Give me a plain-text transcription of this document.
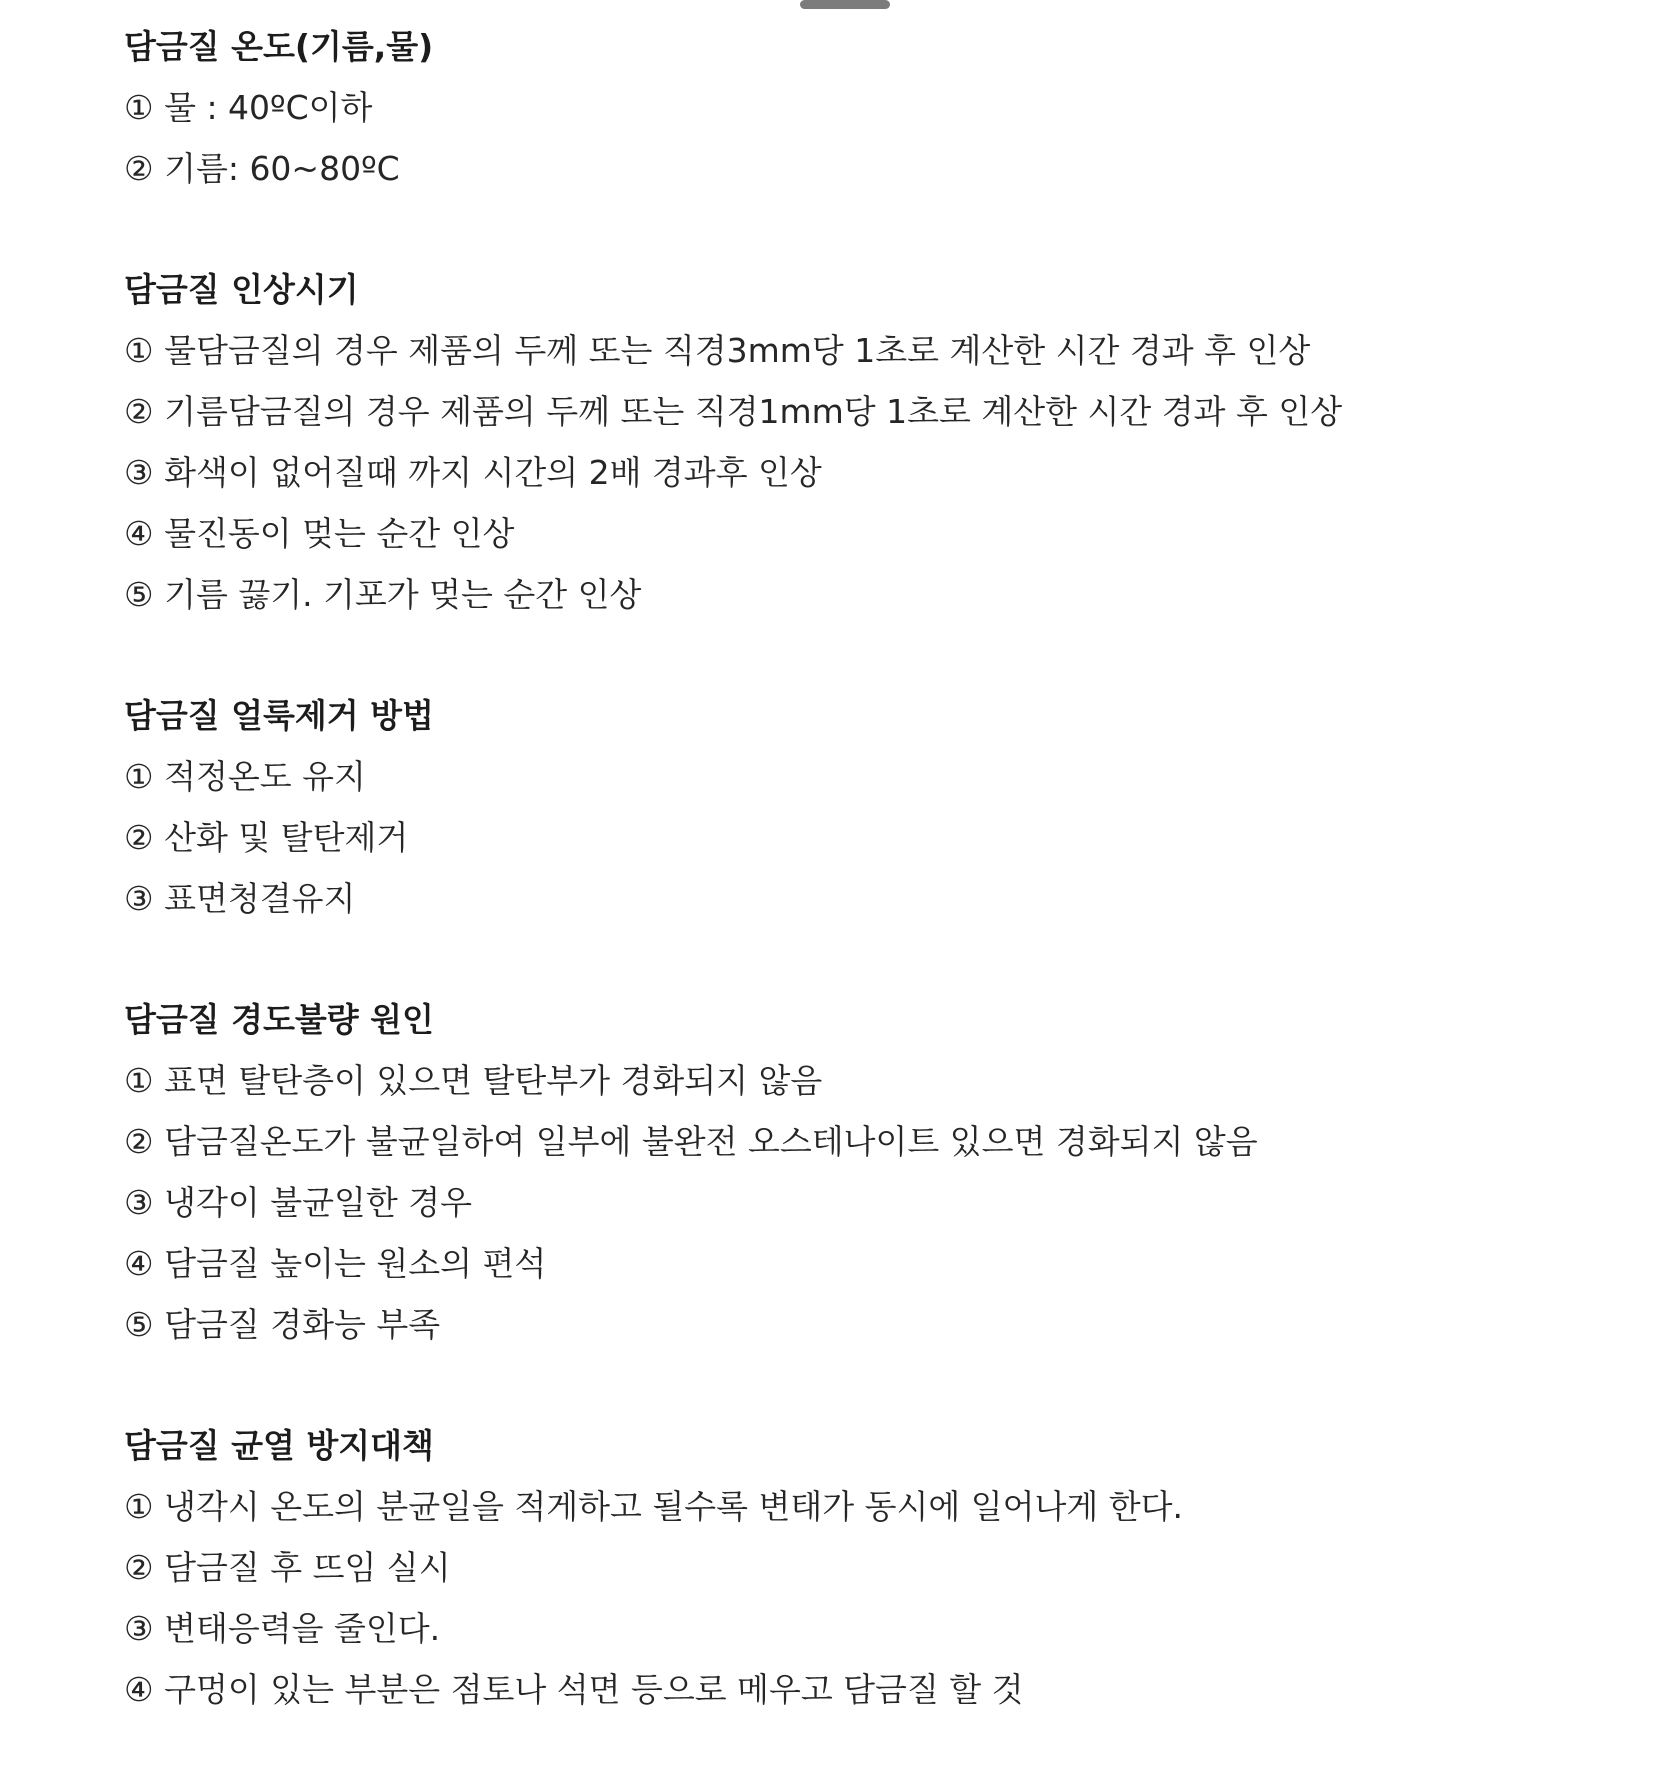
담금질 온도(기름,물)
① 물 : 40ºC이하
② 기름: 60~80ºC
담금질 인상시기
① 물담금질의 경우 제품의 두께 또는 직경3mm당 1초로 계산한 시간 경과 후 인상
② 기름담금질의 경우 제품의 두께 또는 직경1mm당 1초로 계산한 시간 경과 후 인상
③ 화색이 없어질때 까지 시간의 2배 경과후 인상
④ 물진동이 멎는 순간 인상
⑤ 기름 끓기. 기포가 멎는 순간 인상
담금질 얼룩제거 방법
① 적정온도 유지
② 산화 및 탈탄제거
③ 표면청결유지
담금질 경도불량 원인
① 표면 탈탄층이 있으면 탈탄부가 경화되지 않음
② 담금질온도가 불균일하여 일부에 불완전 오스테나이트 있으면 경화되지 않음
③ 냉각이 불균일한 경우
④ 담금질 높이는 원소의 편석
⑤ 담금질 경화능 부족
담금질 균열 방지대책
① 냉각시 온도의 분균일을 적게하고 될수록 변태가 동시에 일어나게 한다.
② 담금질 후 뜨임 실시
③ 변태응력을 줄인다.
④ 구멍이 있는 부분은 점토나 석면 등으로 메우고 담금질 할 것
